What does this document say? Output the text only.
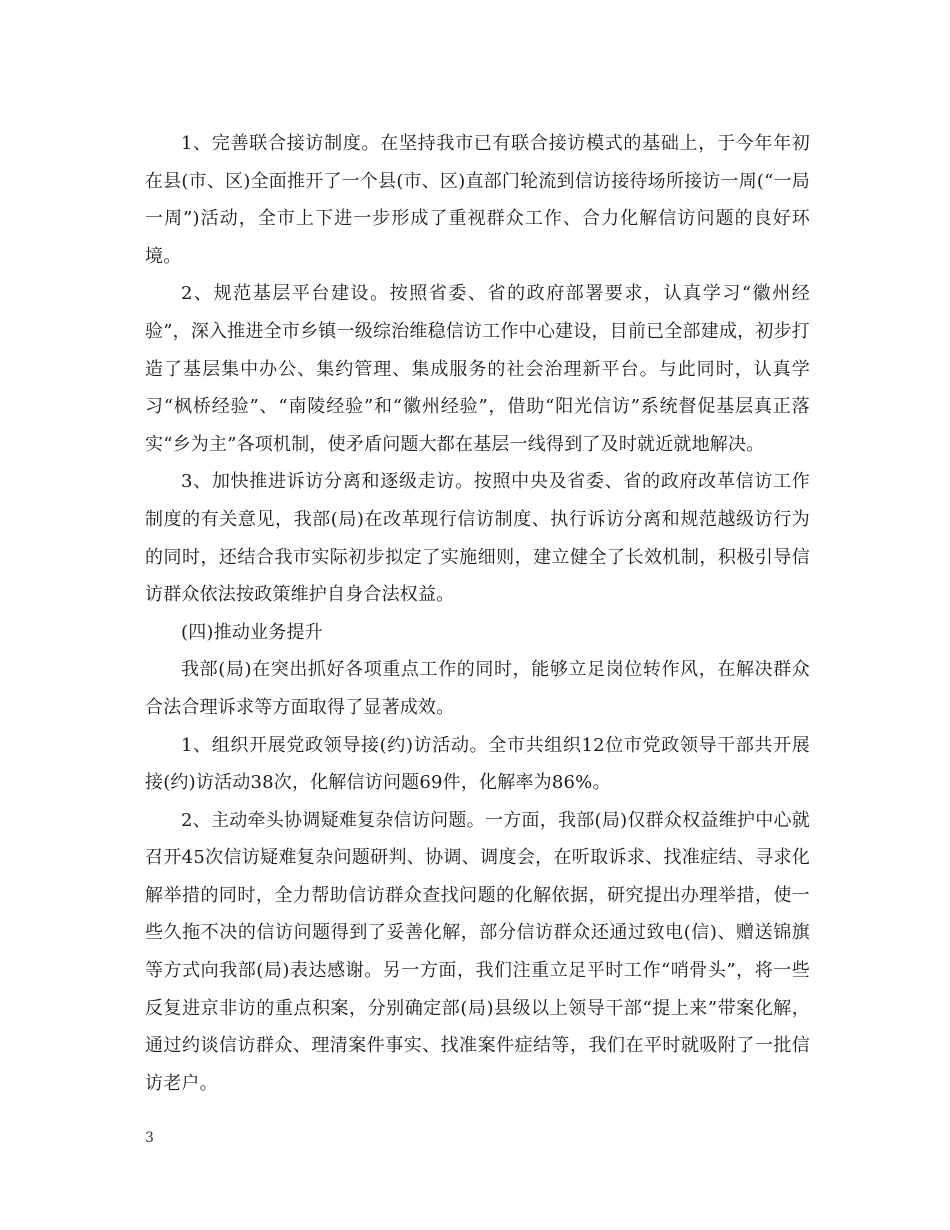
1、完善联合接访制度。在坚持我市已有联合接访模式的基础上，于今年年初在县(市、区)全面推开了一个县(市、区)直部门轮流到信访接待场所接访一周(“一局一周”)活动，全市上下进一步形成了重视群众工作、合力化解信访问题的良好环境。

2、规范基层平台建设。按照省委、省的政府部署要求，认真学习“徽州经验”，深入推进全市乡镇一级综治维稳信访工作中心建设，目前已全部建成，初步打造了基层集中办公、集约管理、集成服务的社会治理新平台。与此同时，认真学习“枫桥经验”、“南陵经验”和“徽州经验”，借助“阳光信访”系统督促基层真正落实“乡为主”各项机制，使矛盾问题大都在基层一线得到了及时就近就地解决。

3、加快推进诉访分离和逐级走访。按照中央及省委、省的政府改革信访工作制度的有关意见，我部(局)在改革现行信访制度、执行诉访分离和规范越级访行为的同时，还结合我市实际初步拟定了实施细则，建立健全了长效机制，积极引导信访群众依法按政策维护自身合法权益。

(四)推动业务提升

我部(局)在突出抓好各项重点工作的同时，能够立足岗位转作风，在解决群众合法合理诉求等方面取得了显著成效。

1、组织开展党政领导接(约)访活动。全市共组织12位市党政领导干部共开展接(约)访活动38次，化解信访问题69件，化解率为86%。

2、主动牵头协调疑难复杂信访问题。一方面，我部(局)仅群众权益维护中心就召开45次信访疑难复杂问题研判、协调、调度会，在听取诉求、找准症结、寻求化解举措的同时，全力帮助信访群众查找问题的化解依据，研究提出办理举措，使一些久拖不决的信访问题得到了妥善化解，部分信访群众还通过致电(信)、赠送锦旗等方式向我部(局)表达感谢。另一方面，我们注重立足平时工作“哨骨头”，将一些反复进京非访的重点积案，分别确定部(局)县级以上领导干部“提上来”带案化解，通过约谈信访群众、理清案件事实、找准案件症结等，我们在平时就吸附了一批信访老户。

3
